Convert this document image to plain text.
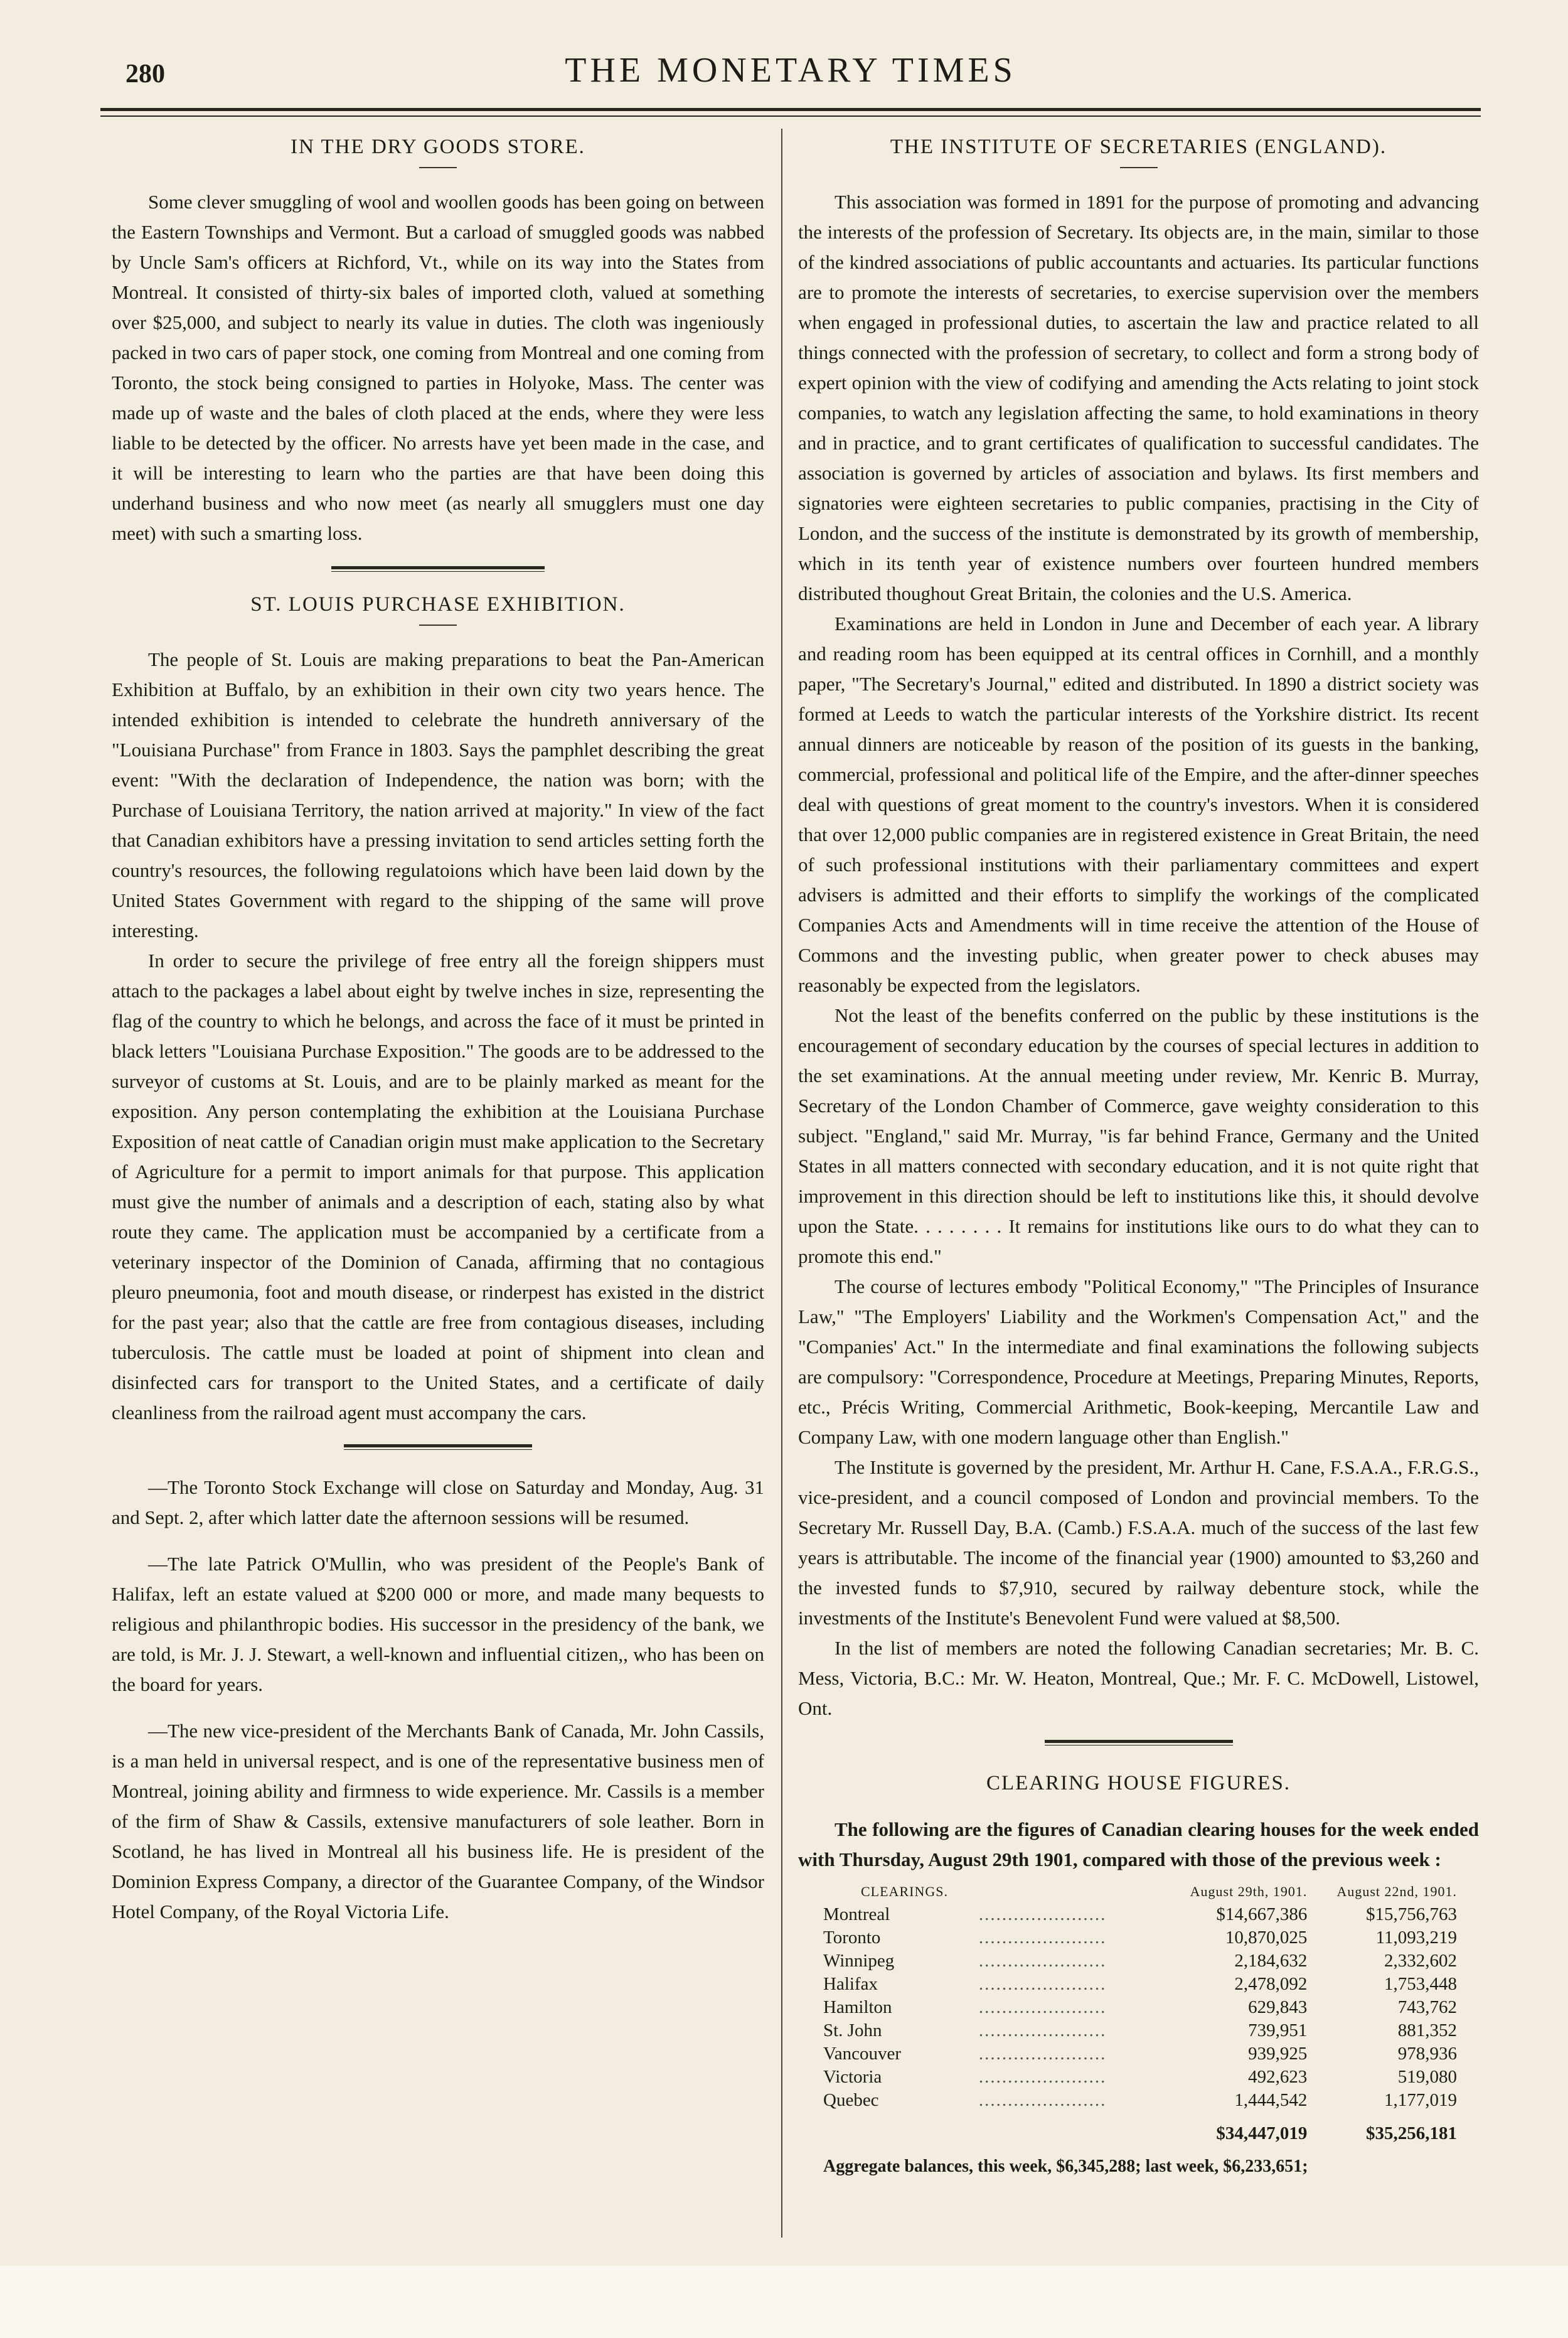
280	THE MONETARY TIMES
IN THE DRY GOODS STORE.

Some clever smuggling of wool and woollen goods has been going on between the Eastern Townships and Vermont. But a carload of smuggled goods was nabbed by Uncle Sam's officers at Richford, Vt., while on its way into the States from Montreal. It consisted of thirty-six bales of imported cloth, valued at something over $25,000, and subject to nearly its value in duties. The cloth was ingeniously packed in two cars of paper stock, one coming from Montreal and one coming from Toronto, the stock being consigned to parties in Holyoke, Mass. The center was made up of waste and the bales of cloth placed at the ends, where they were less liable to be detected by the officer. No arrests have yet been made in the case, and it will be interesting to learn who the parties are that have been doing this underhand business and who now meet (as nearly all smugglers must one day meet) with such a smarting loss.

ST. LOUIS PURCHASE EXHIBITION.

The people of St. Louis are making preparations to beat the Pan-American Exhibition at Buffalo, by an exhibition in their own city two years hence. The intended exhibition is intended to celebrate the hundreth anniversary of the "Louisiana Purchase" from France in 1803. Says the pamphlet describing the great event: "With the declaration of Independence, the nation was born; with the Purchase of Louisiana Territory, the nation arrived at majority." In view of the fact that Canadian exhibitors have a pressing invitation to send articles setting forth the country's resources, the following regulatoions which have been laid down by the United States Government with regard to the shipping of the same will prove interesting.

In order to secure the privilege of free entry all the foreign shippers must attach to the packages a label about eight by twelve inches in size, representing the flag of the country to which he belongs, and across the face of it must be printed in black letters "Louisiana Purchase Exposition." The goods are to be addressed to the surveyor of customs at St. Louis, and are to be plainly marked as meant for the exposition. Any person contemplating the exhibition at the Louisiana Purchase Exposition of neat cattle of Canadian origin must make application to the Secretary of Agriculture for a permit to import animals for that purpose. This application must give the number of animals and a description of each, stating also by what route they came. The application must be accompanied by a certificate from a veterinary inspector of the Dominion of Canada, affirming that no contagious pleuro pneumonia, foot and mouth disease, or rinderpest has existed in the district for the past year; also that the cattle are free from contagious diseases, including tuberculosis. The cattle must be loaded at point of shipment into clean and disinfected cars for transport to the United States, and a certificate of daily cleanliness from the railroad agent must accompany the cars.

—The Toronto Stock Exchange will close on Saturday and Monday, Aug. 31 and Sept. 2, after which latter date the afternoon sessions will be resumed.

—The late Patrick O'Mullin, who was president of the People's Bank of Halifax, left an estate valued at $200 000 or more, and made many bequests to religious and philanthropic bodies. His successor in the presidency of the bank, we are told, is Mr. J. J. Stewart, a well-known and influential citizen,, who has been on the board for years.

—The new vice-president of the Merchants Bank of Canada, Mr. John Cassils, is a man held in universal respect, and is one of the representative business men of Montreal, joining ability and firmness to wide experience. Mr. Cassils is a member of the firm of Shaw & Cassils, extensive manufacturers of sole leather. Born in Scotland, he has lived in Montreal all his business life. He is president of the Dominion Express Company, a director of the Guarantee Company, of the Windsor Hotel Company, of the Royal Victoria Life.

THE INSTITUTE OF SECRETARIES (ENGLAND).

This association was formed in 1891 for the purpose of promoting and advancing the interests of the profession of Secretary. Its objects are, in the main, similar to those of the kindred associations of public accountants and actuaries. Its particular functions are to promote the interests of secretaries, to exercise supervision over the members when engaged in professional duties, to ascertain the law and practice related to all things connected with the profession of secretary, to collect and form a strong body of expert opinion with the view of codifying and amending the Acts relating to joint stock companies, to watch any legislation affecting the same, to hold examinations in theory and in practice, and to grant certificates of qualification to successful candidates. The association is governed by articles of association and bylaws. Its first members and signatories were eighteen secretaries to public companies, practising in the City of London, and the success of the institute is demonstrated by its growth of membership, which in its tenth year of existence numbers over fourteen hundred members distributed thoughout Great Britain, the colonies and the U.S. America.

Examinations are held in London in June and December of each year. A library and reading room has been equipped at its central offices in Cornhill, and a monthly paper, "The Secretary's Journal," edited and distributed. In 1890 a district society was formed at Leeds to watch the particular interests of the Yorkshire district. Its recent annual dinners are noticeable by reason of the position of its guests in the banking, commercial, professional and political life of the Empire, and the after-dinner speeches deal with questions of great moment to the country's investors. When it is considered that over 12,000 public companies are in registered existence in Great Britain, the need of such professional institutions with their parliamentary committees and expert advisers is admitted and their efforts to simplify the workings of the complicated Companies Acts and Amendments will in time receive the attention of the House of Commons and the investing public, when greater power to check abuses may reasonably be expected from the legislators.

Not the least of the benefits conferred on the public by these institutions is the encouragement of secondary education by the courses of special lectures in addition to the set examinations. At the annual meeting under review, Mr. Kenric B. Murray, Secretary of the London Chamber of Commerce, gave weighty consideration to this subject. "England," said Mr. Murray, "is far behind France, Germany and the United States in all matters connected with secondary education, and it is not quite right that improvement in this direction should be left to institutions like this, it should devolve upon the State. . . . . . . . It remains for institutions like ours to do what they can to promote this end."

The course of lectures embody "Political Economy," "The Principles of Insurance Law," "The Employers' Liability and the Workmen's Compensation Act," and the "Companies' Act." In the intermediate and final examinations the following subjects are compulsory: "Correspondence, Procedure at Meetings, Preparing Minutes, Reports, etc., Précis Writing, Commercial Arithmetic, Book-keeping, Mercantile Law and Company Law, with one modern language other than English."

The Institute is governed by the president, Mr. Arthur H. Cane, F.S.A.A., F.R.G.S., vice-president, and a council composed of London and provincial members. To the Secretary Mr. Russell Day, B.A. (Camb.) F.S.A.A. much of the success of the last few years is attributable. The income of the financial year (1900) amounted to $3,260 and the invested funds to $7,910, secured by railway debenture stock, while the investments of the Institute's Benevolent Fund were valued at $8,500.

In the list of members are noted the following Canadian secretaries; Mr. B. C. Mess, Victoria, B.C.: Mr. W. Heaton, Montreal, Que.; Mr. F. C. McDowell, Listowel, Ont.

CLEARING HOUSE FIGURES.

The following are the figures of Canadian clearing houses for the week ended with Thursday, August 29th 1901, compared with those of the previous week :

CLEARINGS.		August 29th, 1901.	August 22nd, 1901.
Montreal	......................	$14,667,386	$15,756,763
Toronto	......................	10,870,025	11,093,219
Winnipeg	......................	2,184,632	2,332,602
Halifax	......................	2,478,092	1,753,448
Hamilton	......................	629,843	743,762
St. John	......................	739,951	881,352
Vancouver	......................	939,925	978,936
Victoria	......................	492,623	519,080
Quebec	......................	1,444,542	1,177,019
		$34,447,019	$35,256,181

Aggregate balances, this week, $6,345,288; last week, $6,233,651;
